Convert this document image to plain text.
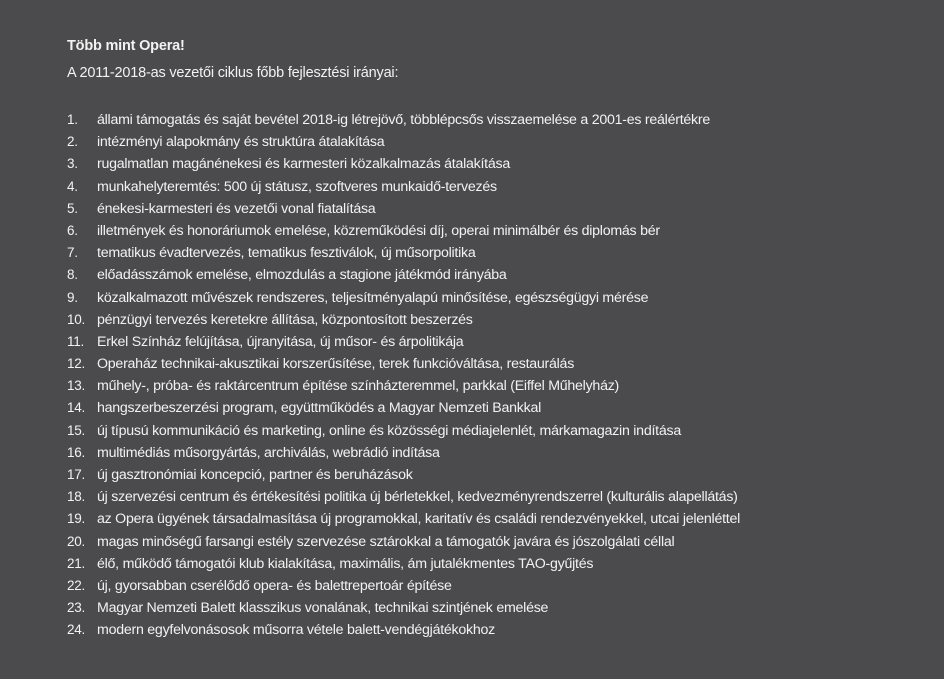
Több mint Opera!
A 2011-2018-as vezetői ciklus főbb fejlesztési irányai:
1.	állami támogatás és saját bevétel 2018-ig létrejövő, többlépcsős visszaemelése a 2001-es reálértékre
2.	intézményi alapokmány és struktúra átalakítása
3.	rugalmatlan magánénekesi és karmesteri közalkalmazás átalakítása
4.	munkahelyteremtés: 500 új státusz, szoftveres munkaidő-tervezés
5.	énekesi-karmesteri és vezetői vonal fiatalítása
6.	illetmények és honoráriumok emelése, közreműködési díj, operai minimálbér és diplomás bér
7.	tematikus évadtervezés, tematikus fesztiválok, új műsorpolitika
8.	előadásszámok emelése, elmozdulás a stagione játékmód irányába
9.	közalkalmazott művészek rendszeres, teljesítményalapú minősítése, egészségügyi mérése
10. pénzügyi tervezés keretekre állítása, központosított beszerzés
11. Erkel Színház felújítása, újranyitása, új műsor- és árpolitikája
12. Operaház technikai-akusztikai korszerűsítése, terek funkcióváltása, restaurálás
13. műhely-, próba- és raktárcentrum építése színházteremmel, parkkal (Eiffel Műhelyház)
14. hangszerbeszerzési program, együttműködés a Magyar Nemzeti Bankkal
15. új típusú kommunikáció és marketing, online és közösségi médiajelenlét, márkamagazin indítása
16. multimédiás műsorgyártás, archiválás, webrádió indítása
17. új gasztronómiai koncepció, partner és beruházások
18. új szervezési centrum és értékesítési politika új bérletekkel, kedvezményrendszerrel (kulturális alapellátás)
19. az Opera ügyének társadalmasítása új programokkal, karitatív és családi rendezvényekkel, utcai jelenléttel
20. magas minőségű farsangi estély szervezése sztárokkal a támogatók javára és jószolgálati céllal
21. élő, működő támogatói klub kialakítása, maximális, ám jutalékmentes TAO-gyűjtés
22. új, gyorsabban cserélődő opera- és balettrepertoár építése
23. Magyar Nemzeti Balett klasszikus vonalának, technikai szintjének emelése
24. modern egyfelvonásosok műsorra vétele balett-vendégjátékokhoz
